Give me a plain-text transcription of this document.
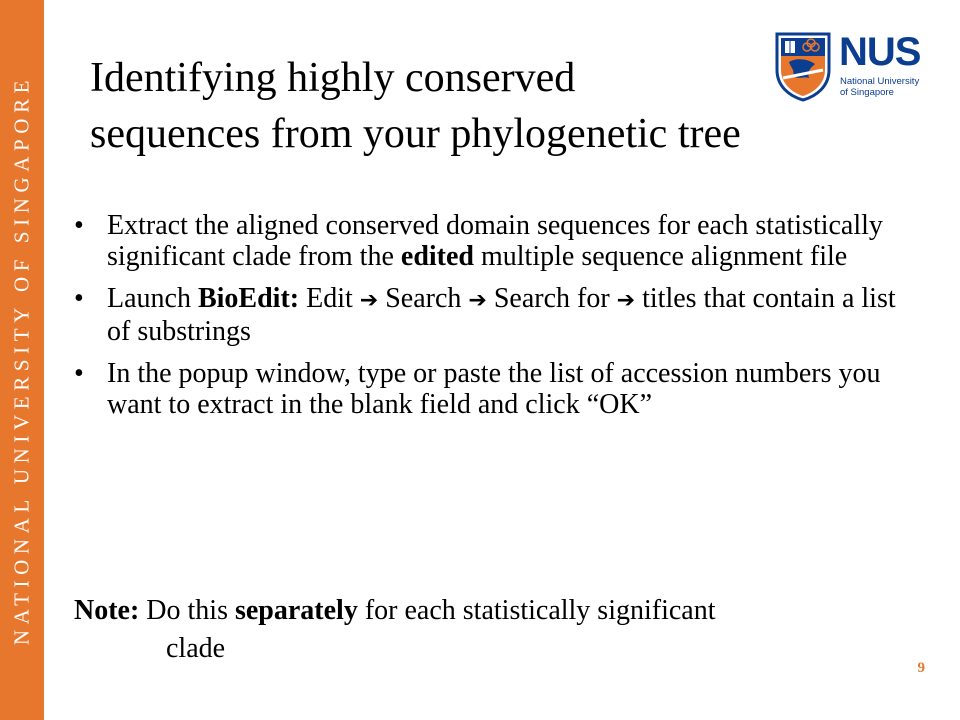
NATIONAL UNIVERSITY OF SINGAPORE Identifying highly conserved
sequences from your phylogenetic tree
NUS
National University
of Singapore
• Extract the aligned conserved domain sequences for each statistically significant clade from the edited multiple sequence alignment file
• Launch BioEdit: Edit ➔ Search ➔ Search for ➔ titles that contain a list of substrings
• In the popup window, type or paste the list of accession numbers you want to extract in the blank field and click “OK”
Note: Do this separately for each statistically significant
clade
9
